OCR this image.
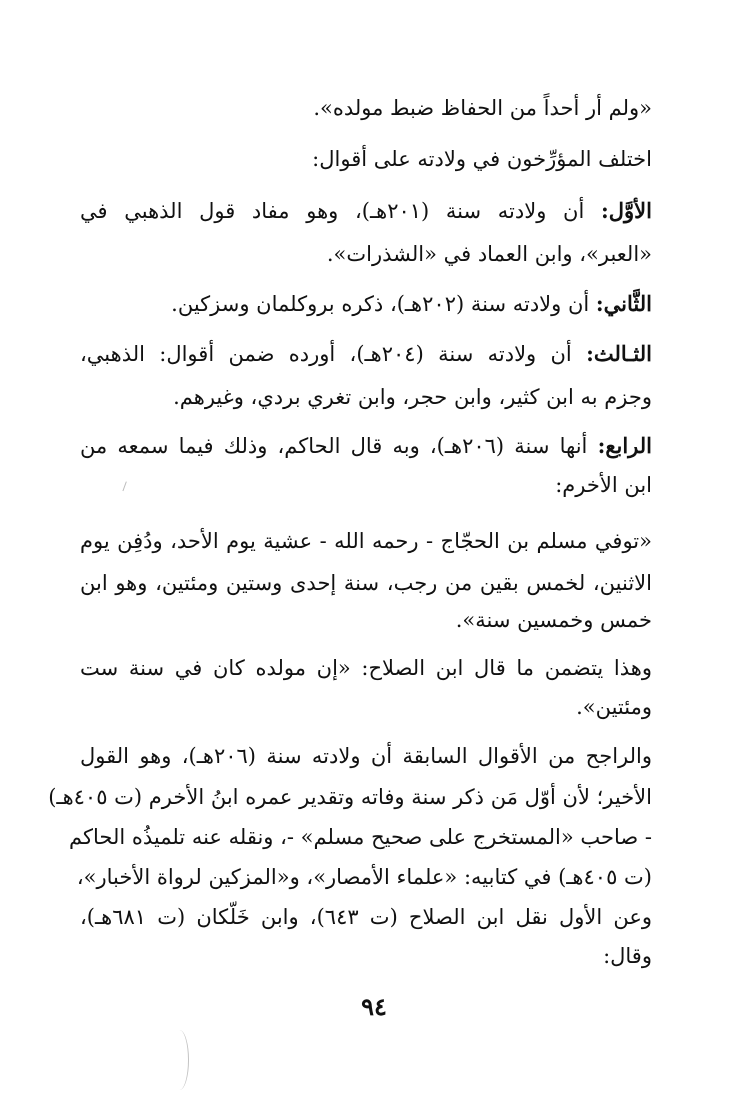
«ولم أر أحداً من الحفاظ ضبط مولده».
اختلف المؤرِّخون في ولادته على أقوال:
الأوَّل: أن ولادته سنة (٢٠١هـ)، وهو مفاد قول الذهبي في
«العبر»، وابن العماد في «الشذرات».
الثَّاني: أن ولادته سنة (٢٠٢هـ)، ذكره بروكلمان وسزكين.
الثـالث: أن ولادته سنة (٢٠٤هـ)، أورده ضمن أقوال: الذهبي،
وجزم به ابن كثير، وابن حجر، وابن تغري بردي، وغيرهم.
الرابع: أنها سنة (٢٠٦هـ)، وبه قال الحاكم، وذلك فيما سمعه من
ابن الأخرم:
«توفي مسلم بن الحجّاج - رحمه الله - عشية يوم الأحد، ودُفِن يوم
الاثنين، لخمس بقين من رجب، سنة إحدى وستين ومئتين، وهو ابن
خمس وخمسين سنة».
وهذا يتضمن ما قال ابن الصلاح: «إن مولده كان في سنة ست
ومئتين».
والراجح من الأقوال السابقة أن ولادته سنة (٢٠٦هـ)، وهو القول
الأخير؛ لأن أوّل مَن ذكر سنة وفاته وتقدير عمره ابنُ الأخرم (ت ٤٠٥هـ)
- صاحب «المستخرج على صحيح مسلم» -، ونقله عنه تلميذُه الحاكم
(ت ٤٠٥هـ) في كتابيه: «علماء الأمصار»، و«المزكين لرواة الأخبار»،
وعن الأول نقل ابن الصلاح (ت ٦٤٣)، وابن خَلّكان (ت ٦٨١هـ)،
وقال:
٩٤
